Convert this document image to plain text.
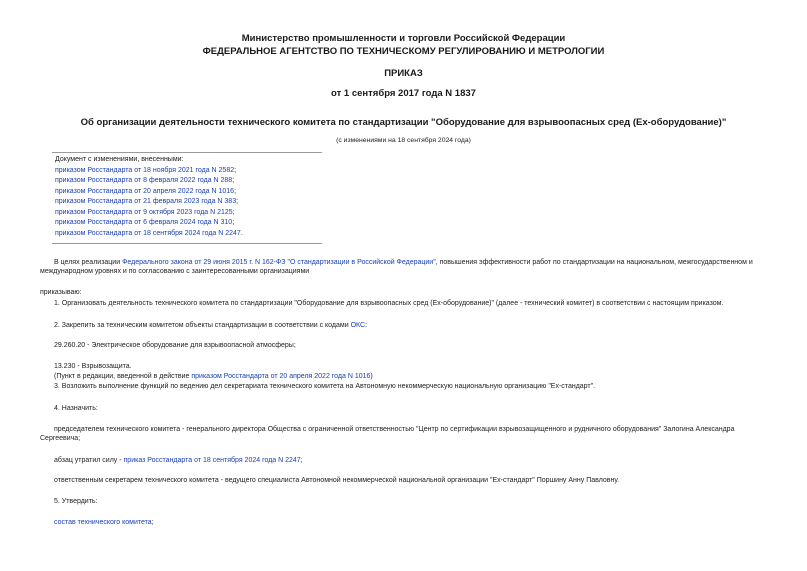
Министерство промышленности и торговли Российской Федерации
ФЕДЕРАЛЬНОЕ АГЕНТСТВО ПО ТЕХНИЧЕСКОМУ РЕГУЛИРОВАНИЮ И МЕТРОЛОГИИ
ПРИКАЗ
от 1 сентября 2017 года N 1837
Об организации деятельности технического комитета по стандартизации "Оборудование для взрывоопасных сред (Ех-оборудование)"
(с изменениями на 18 сентября 2024 года)
Документ с изменениями, внесенными:
приказом Росстандарта от 18 ноября 2021 года N 2582;
приказом Росстандарта от 8 февраля 2022 года N 288;
приказом Росстандарта от 20 апреля 2022 года N 1016;
приказом Росстандарта от 21 февраля 2023 года N 383;
приказом Росстандарта от 9 октября 2023 года N 2125;
приказом Росстандарта от 6 февраля 2024 года N 310;
приказом Росстандарта от 18 сентября 2024 года N 2247.
В целях реализации Федерального закона от 29 июня 2015 г. N 162-ФЗ "О стандартизации в Российской Федерации", повышения эффективности работ по стандартизации на национальном, межгосударственном и международном уровнях и по согласованию с заинтересованными организациями
приказываю:
1. Организовать деятельность технического комитета по стандартизации "Оборудование для взрывоопасных сред (Ех-оборудование)" (далее - технический комитет) в соответствии с настоящим приказом.
2. Закрепить за техническим комитетом объекты стандартизации в соответствии с кодами ОКС:
29.260.20 - Электрическое оборудование для взрывоопасной атмосферы;
13.230 - Взрывозащита.
(Пункт в редакции, введенной в действие приказом Росстандарта от 20 апреля 2022 года N 1016)
3. Возложить выполнение функций по ведению дел секретариата технического комитета на Автономную некоммерческую национальную организацию "Ех-стандарт".
4. Назначить:
председателем технического комитета - генерального директора Общества с ограниченной ответственностью "Центр по сертификации взрывозащищенного и рудничного оборудования" Залогина Александра Сергеевича;
абзац утратил силу - приказ Росстандарта от 18 сентября 2024 года N 2247;
ответственным секретарем технического комитета - ведущего специалиста Автономной некоммерческой национальной организации "Ех-стандарт" Поршину Анну Павловну.
5. Утвердить:
состав технического комитета;
